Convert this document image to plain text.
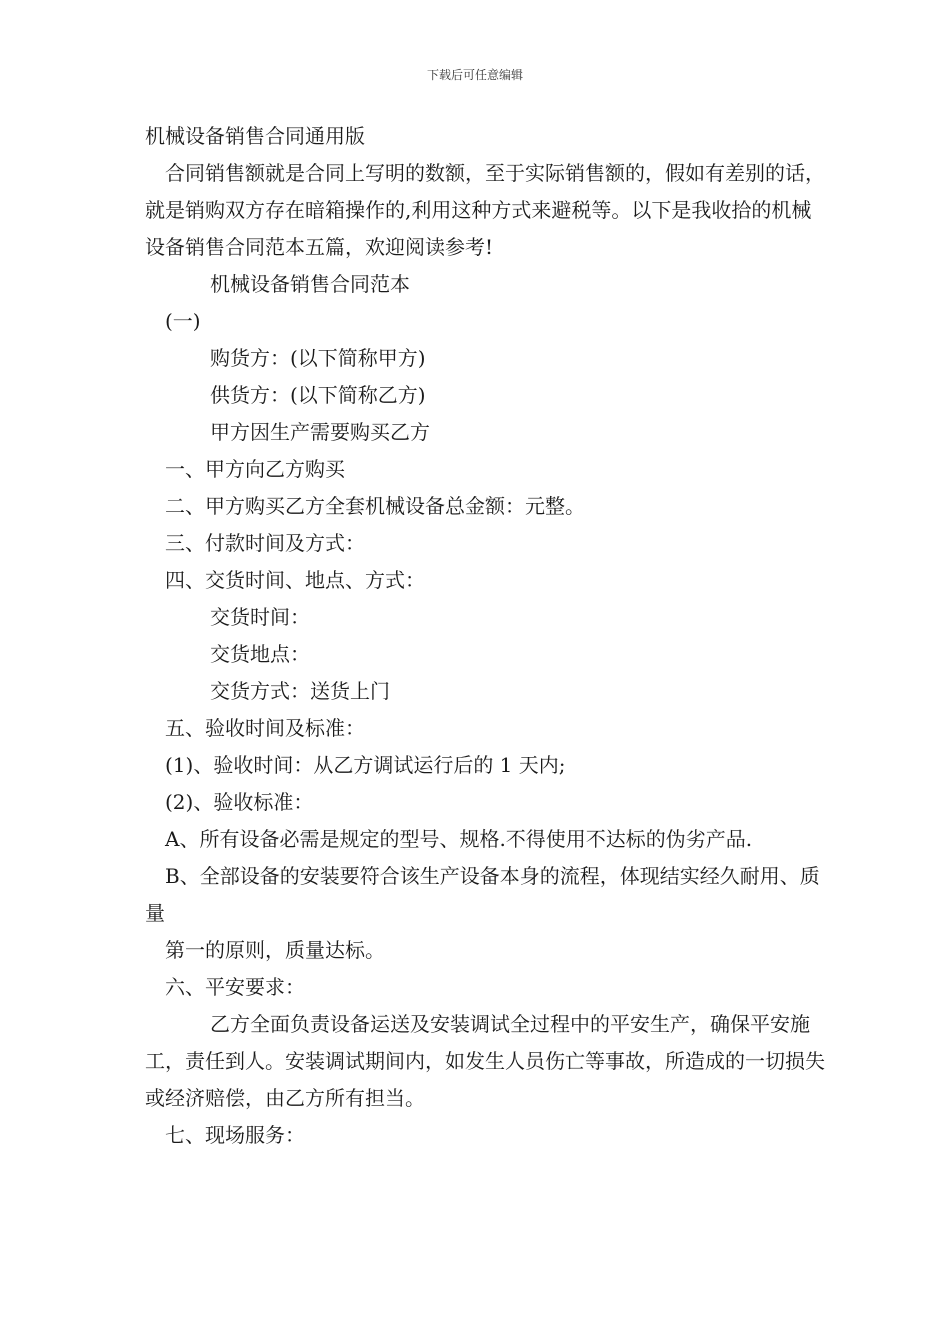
下载后可任意编辑

机械设备销售合同通用版

合同销售额就是合同上写明的数额，至于实际销售额的，假如有差别的话，就是销购双方存在暗箱操作的,利用这种方式来避税等。以下是我收拾的机械设备销售合同范本五篇，欢迎阅读参考!

机械设备销售合同范本

(一)

购货方：(以下简称甲方)

供货方：(以下简称乙方)

甲方因生产需要购买乙方

一、甲方向乙方购买

二、甲方购买乙方全套机械设备总金额：元整。

三、付款时间及方式：

四、交货时间、地点、方式：

交货时间：

交货地点：

交货方式：送货上门

五、验收时间及标准：

(1)、验收时间：从乙方调试运行后的 1 天内;

(2)、验收标准：

A、所有设备必需是规定的型号、规格.不得使用不达标的伪劣产品.

B、全部设备的安装要符合该生产设备本身的流程，体现结实经久耐用、质量

第一的原则，质量达标。

六、平安要求：

乙方全面负责设备运送及安装调试全过程中的平安生产，确保平安施工，责任到人。安装调试期间内，如发生人员伤亡等事故，所造成的一切损失或经济赔偿，由乙方所有担当。

七、现场服务：
